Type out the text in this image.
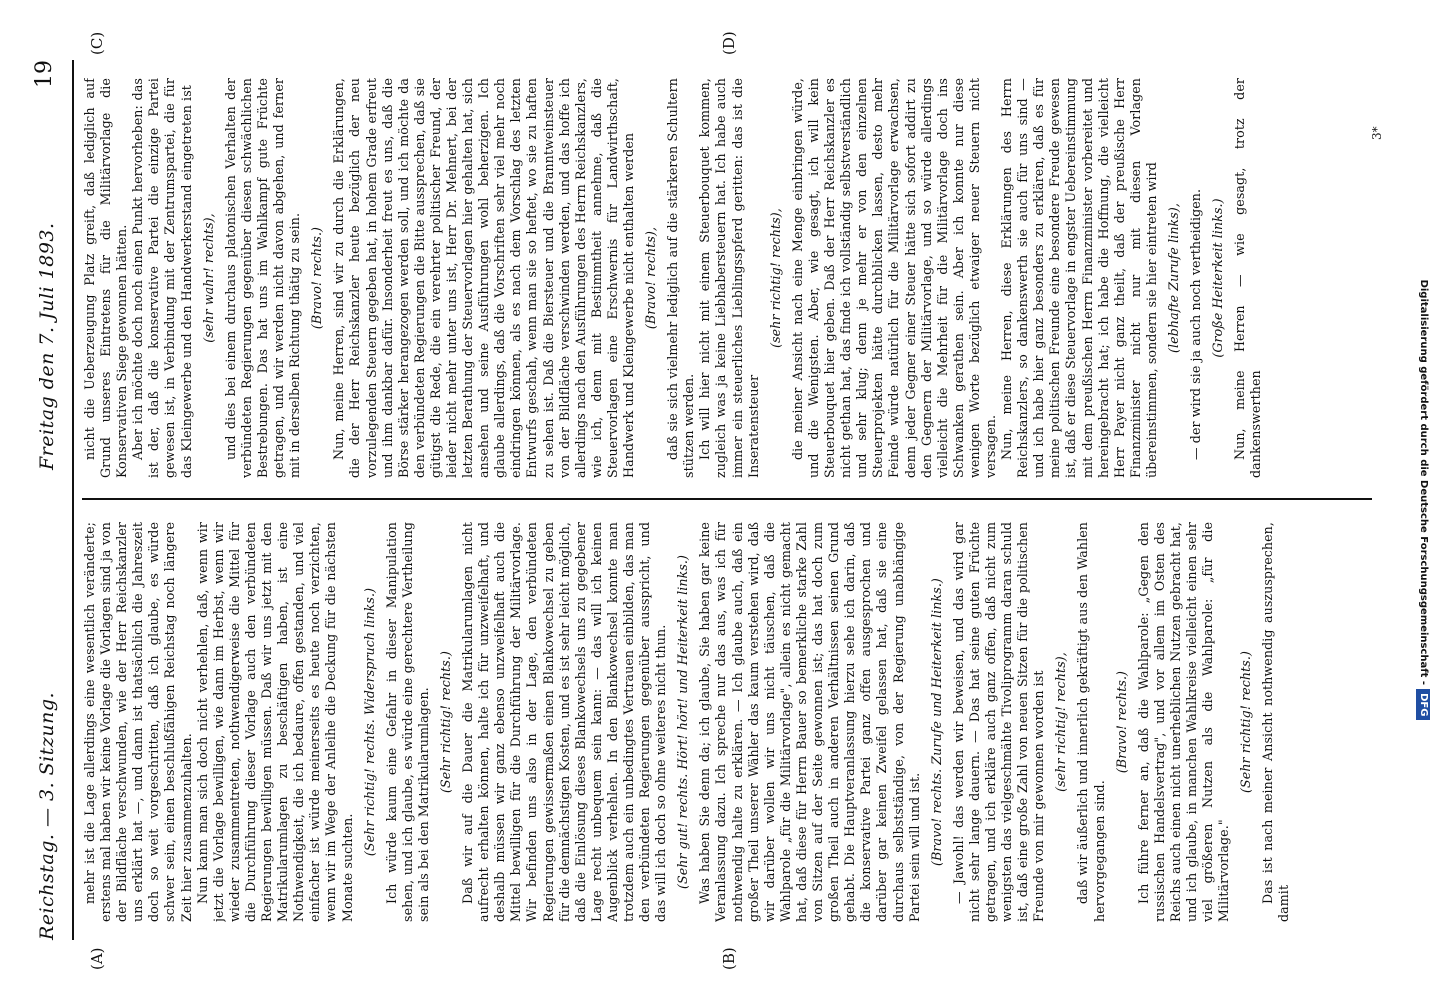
Reichstag. — 3. Sitzung.
Freitag den 7. Juli 1893.
19
(A)	(B)
(C)	(D)

mehr ist die Lage allerdings eine wesentlich veränderte; erstens mal haben wir keine Vorlage die Vorlagen sind ja von der Bildfläche verschwunden, wie der Herr Reichskanzler uns erklärt hat —, und dann ist thatsächlich die Jahreszeit doch so weit vorgeschritten, daß ich glaube, es würde schwer sein, einen beschlußfähigen Reichstag noch längere Zeit hier zusammenzuhalten. Nun kann man sich doch nicht verhehlen, daß, wenn wir jetzt die Vorlage bewilligen, wie dann im Herbst, wenn wir wieder zusammentreten, nothwendigerweise die Mittel für die Durchführung dieser Vorlage auch den verbündeten Regierungen bewilligen müssen. Daß wir uns jetzt mit den Matrikularumlagen zu beschäftigen haben, ist eine Nothwendigkeit, die ich bedaure, offen gestanden, und viel einfacher ist würde meinerseits es heute noch verzichten, wenn wir im Wege der Anleihe die Deckung für die nächsten Monate suchten.

(Sehr richtig! rechts. Widerspruch links.) Ich würde kaum eine Gefahr in dieser Manipulation sehen, und ich glaube, es würde eine gerechtere Vertheilung sein als bei den Matrikularumlagen. (Sehr richtig! rechts.) Daß wir auf die Dauer die Matrikularumlagen nicht aufrecht erhalten können, halte ich für unzweifelhaft, und deshalb müssen wir ganz ebenso unzweifelhaft auch die Mittel bewilligen für die Durchführung der Militärvorlage. Wir befinden uns also in der Lage, den verbündeten Regierungen gewissermaßen einen Blankowechsel zu geben für die demnächstigen Kosten, und es ist sehr leicht möglich, daß die Einlösung dieses Blankowechsels uns zu gegebener Lage recht unbequem sein kann: — das will ich keinen Augenblick verhehlen. In den Blankowechsel konnte man trotzdem auch ein unbedingtes Vertrauen einbilden, das man den verbündeten Regierungen gegenüber ausspricht, und das will ich doch so ohne weiteres nicht thun. (Sehr gut! rechts. Hört! hört! und Heiterkeit links.) Was haben Sie denn da; ich glaube, Sie haben gar keine Veranlassung dazu. Ich spreche nur das aus, was ich für nothwendig halte zu erklären. — Ich glaube auch, daß ein großer Theil unserer Wähler das kaum verstehen wird, daß wir darüber wollen wir uns nicht täuschen, daß die Wahlparole „für die Militärvorlage", allein es nicht gemacht hat, daß diese für Herrn Bauer so bemerkliche starke Zahl von Sitzen auf der Seite gewonnen ist; das hat doch zum großen Theil auch in anderen Verhältnissen seinen Grund gehabt. Die Hauptveranlassung hierzu sehe ich darin, daß die konservative Partei ganz offen ausgesprochen und darüber gar keinen Zweifel gelassen hat, daß sie eine durchaus selbstständige, von der Regierung unabhängige Partei sein will und ist. (Bravo! rechts. Zurufe und Heiterkeit links.) — Jawohl! das werden wir beweisen, und das wird gar nicht sehr lange dauern. — Das hat seine guten Früchte getragen, und ich erkläre auch ganz offen, daß nicht zum wenigsten das vielgeschmähte Tivoliprogramm daran schuld ist, daß eine große Zahl von neuen Sitzen für die politischen Freunde von mir gewonnen worden ist (sehr richtig! rechts), daß wir äußerlich und innerlich gekräftigt aus den Wahlen hervorgegangen sind.

(Bravo! rechts.) Ich führe ferner an, daß die Wahlparole: „Gegen den russischen Handelsvertrag", und vor allem im Osten des Reichs auch einen nicht unerheblichen Nutzen gebracht hat, und ich glaube, in manchen Wahlkreise vielleicht einen sehr viel größeren Nutzen als die Wahlparole: „für die Militärvorlage."

(Sehr richtig! rechts.) Das ist nach meiner Ansicht nothwendig auszusprechen, damit

nicht die Ueberzeugung Platz greift, daß lediglich auf Grund unseres Eintretens für die Militärvorlage die Konservativen Siege gewonnen hätten. Aber ich möchte doch noch einen Punkt hervorheben: das ist der, daß die konservative Partei die einzige Partei gewesen ist, in Verbindung mit der Zentrumspartei, die für das Kleingewerbe und den Handwerkerstand eingetreten ist (sehr wahr! rechts), und dies bei einem durchaus platonischen Verhalten der verbündeten Regierungen gegenüber diesen schwächlichen Bestrebungen. Das hat uns im Wahlkampf gute Früchte getragen, und wir werden nicht davon abgehen, und ferner mit in derselben Richtung thätig zu sein. (Bravo! rechts.) Nun, meine Herren, sind wir zu durch die Erklärungen, die der Herr Reichskanzler heute bezüglich der neu vorzulegenden Steuern gegeben hat, in hohem Grade erfreut und ihm dankbar dafür. Insonderheit freut es uns, daß die Börse stärker herangezogen werden soll, und ich möchte da den verbündeten Regierungen die Bitte aussprechen, daß sie gütigst die Rede, die ein verehrter politischer Freund, der leider nicht mehr unter uns ist, Herr Dr. Mehnert, bei der letzten Berathung der Steuervorlagen hier gehalten hat, sich ansehen und seine Ausführungen wohl beherzigen. Ich glaube allerdings, daß die Vorschriften sehr viel mehr noch eindringen können, als es nach dem Vorschlag des letzten Entwurfs geschah, wenn man sie so heftet, wo sie zu haften zu sehen ist. Daß die Biersteuer und die Branntweinsteuer von der Bildfläche verschwinden werden, und das hoffe ich allerdings nach den Ausführungen des Herrn Reichskanzlers, wie ich, denn mit Bestimmtheit annehme, daß die Steuervorlagen eine Erschwernis für Landwirthschaft, Handwerk und Kleingewerbe nicht enthalten werden (Bravo! rechts), daß sie sich vielmehr lediglich auf die stärkeren Schultern stützen werden. Ich will hier nicht mit einem Steuerbouquet kommen, zugleich was ja keine Liebhabersteuern hat. Ich habe auch immer ein steuerliches Lieblingsspferd geritten: das ist die Inseratensteuer

(sehr richtig! rechts), die meiner Ansicht nach eine Menge einbringen würde, und die Wenigsten. Aber, wie gesagt, ich will kein Steuerbouquet hier geben. Daß der Herr Reichskanzler es nicht gethan hat, das finde ich vollständig selbstverständlich und sehr klug; denn je mehr er von den einzelnen Steuerprojekten hätte durchblicken lassen, desto mehr Feinde würde natürlich für die Militärvorlage erwachsen, denn jeder Gegner einer Steuer hätte sich sofort addirt zu den Gegnern der Militärvorlage, und so würde allerdings vielleicht die Mehrheit für die Militärvorlage doch ins Schwanken gerathen sein. Aber ich konnte nur diese wenigen Worte bezüglich etwaiger neuer Steuern nicht versagen. Nun, meine Herren, diese Erklärungen des Herrn Reichskanzlers, so dankenswerth sie auch für uns sind — und ich habe hier ganz besonders zu erklären, daß es für meine politischen Freunde eine besondere Freude gewesen ist, daß er diese Steuervorlage in engster Uebereinstimmung mit dem preußischen Herrn Finanzminister vorbereitet und hereingebracht hat; ich habe die Hoffnung, die vielleicht Herr Payer nicht ganz theilt, daß der preußische Herr Finanzminister nicht nur mit diesen Vorlagen übereinstimmen, sondern sie hier eintreten wird (lebhafte Zurufe links), — der wird sie ja auch noch vertheidigen. (Große Heiterkeit links.) Nun, meine Herren — wie gesagt, trotz der dankenswerthen

3*
Digitalisierung gefördert durch die Deutsche Forschungsgemeinschaft -DFG
